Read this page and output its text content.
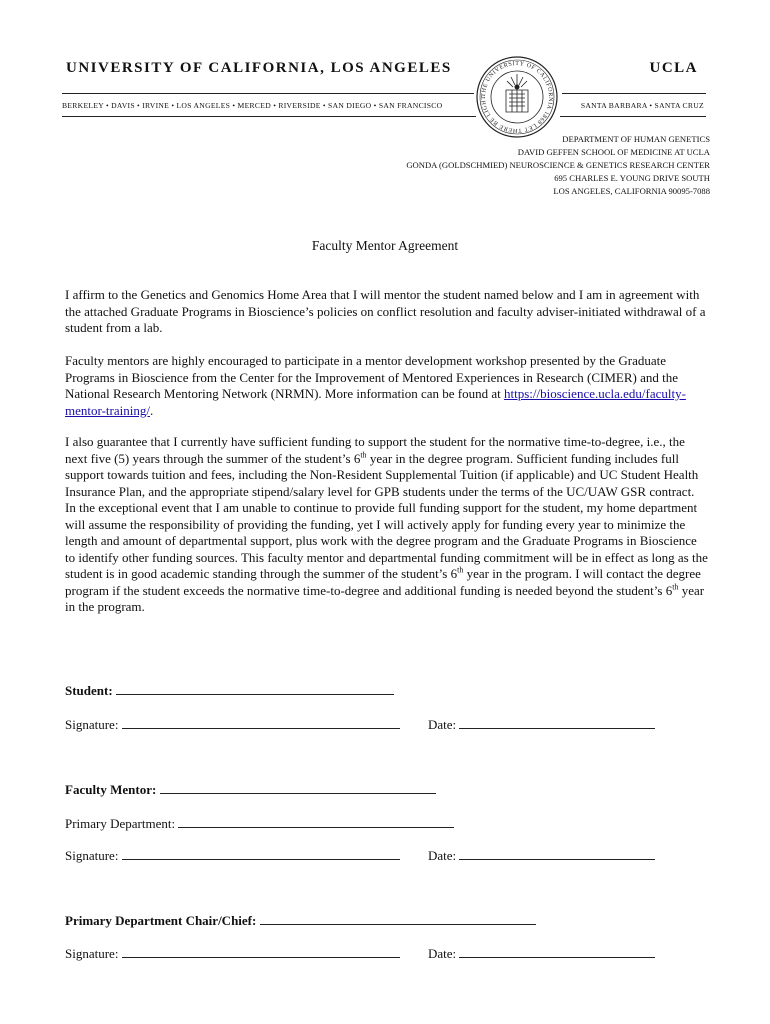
UNIVERSITY OF CALIFORNIA, LOS ANGELES	UCLA
BERKELEY • DAVIS • IRVINE • LOS ANGELES • MERCED • RIVERSIDE • SAN DIEGO • SAN FRANCISCO	SANTA BARBARA • SANTA CRUZ
THE UNIVERSITY OF CALIFORNIA 1868 LET THERE BE LIGHT
DEPARTMENT OF HUMAN GENETICS
DAVID GEFFEN SCHOOL OF MEDICINE AT UCLA
GONDA (GOLDSCHMIED) NEUROSCIENCE & GENETICS RESEARCH CENTER
695 CHARLES E. YOUNG DRIVE SOUTH
LOS ANGELES, CALIFORNIA 90095-7088
Faculty Mentor Agreement
I affirm to the Genetics and Genomics Home Area that I will mentor the student named below and I am in agreement with the attached Graduate Programs in Bioscience’s policies on conflict resolution and faculty adviser-initiated withdrawal of a student from a lab.
Faculty mentors are highly encouraged to participate in a mentor development workshop presented by the Graduate Programs in Bioscience from the Center for the Improvement of Mentored Experiences in Research (CIMER) and the National Research Mentoring Network (NRMN). More information can be found at https://bioscience.ucla.edu/faculty-mentor-training/.
I also guarantee that I currently have sufficient funding to support the student for the normative time-to-degree, i.e., the next five (5) years through the summer of the student’s 6th year in the degree program. Sufficient funding includes full support towards tuition and fees, including the Non-Resident Supplemental Tuition (if applicable) and UC Student Health Insurance Plan, and the appropriate stipend/salary level for GPB students under the terms of the UC/UAW GSR contract. In the exceptional event that I am unable to continue to provide full funding support for the student, my home department will assume the responsibility of providing the funding, yet I will actively apply for funding every year to minimize the length and amount of departmental support, plus work with the degree program and the Graduate Programs in Bioscience to identify other funding sources. This faculty mentor and departmental funding commitment will be in effect as long as the student is in good academic standing through the summer of the student’s 6th year in the program. I will contact the degree program if the student exceeds the normative time-to-degree and additional funding is needed beyond the student’s 6th year in the program.
Student:
Signature:	Date:
Faculty Mentor:
Primary Department:
Signature:	Date:
Primary Department Chair/Chief:
Signature:	Date:
